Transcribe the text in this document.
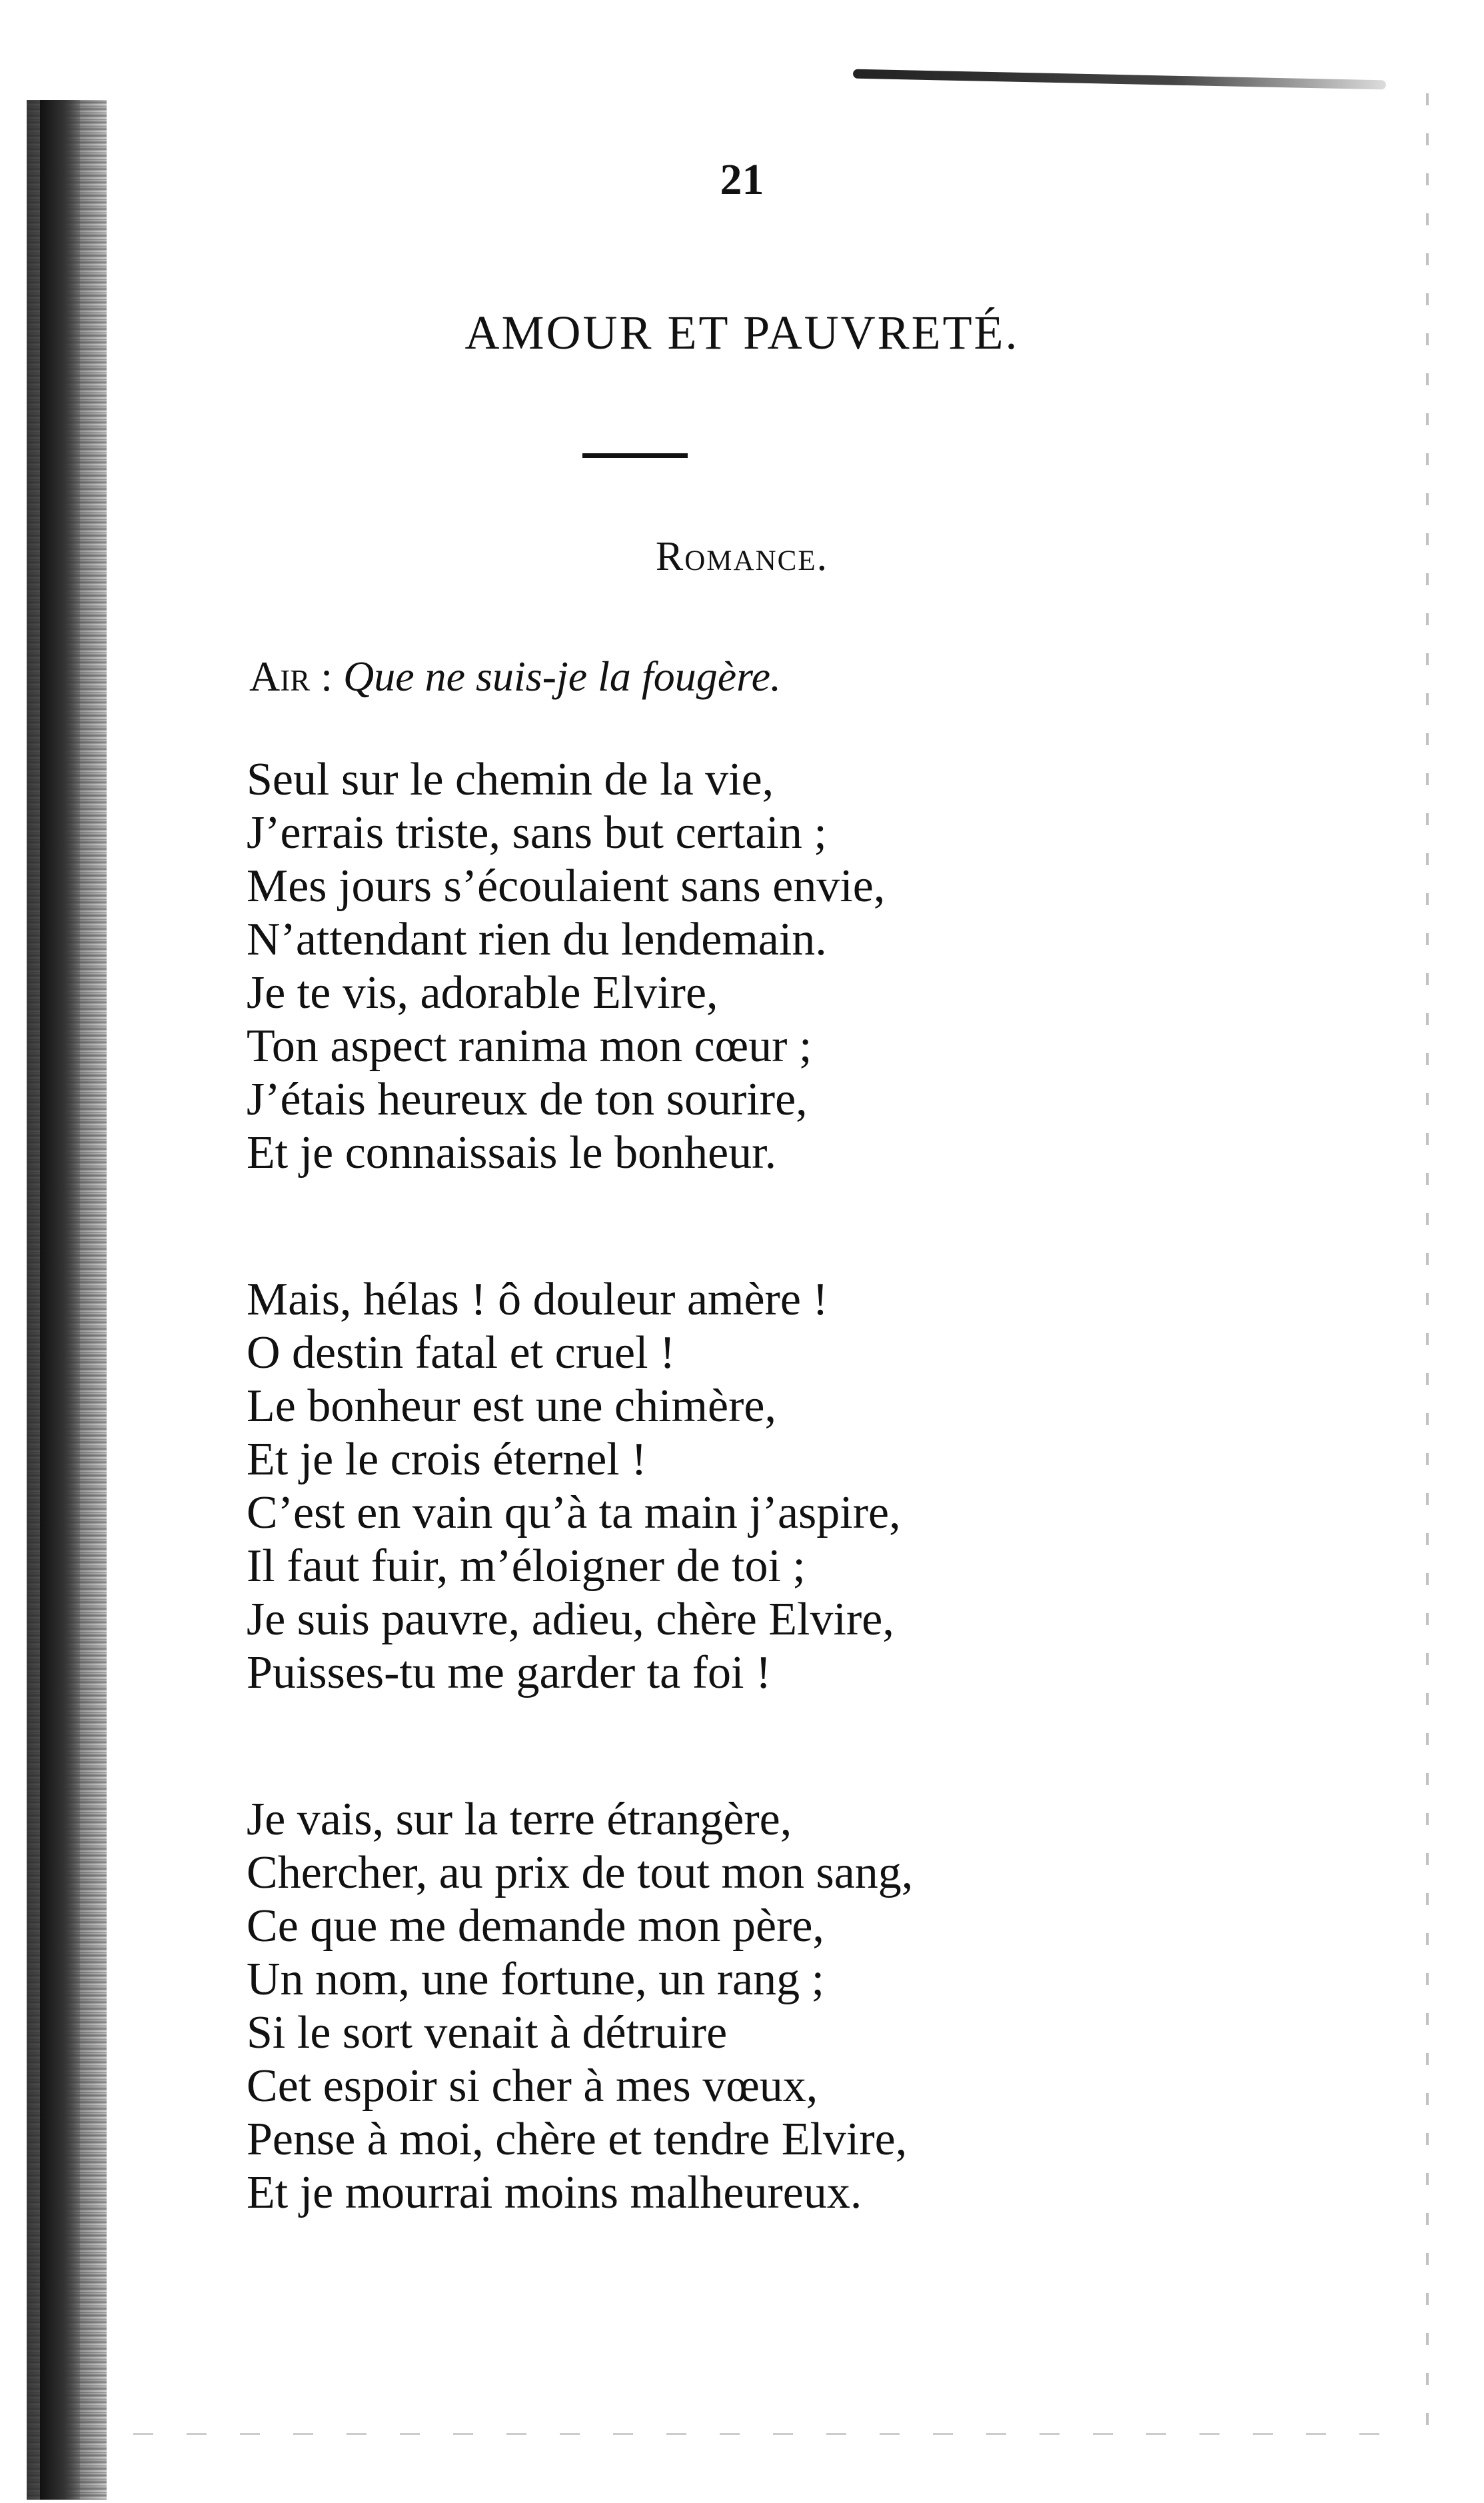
21
AMOUR ET PAUVRETÉ.
Romance.
Air : Que ne suis-je la fougère.
Seul sur le chemin de la vie,
J’errais triste, sans but certain ;
Mes jours s’écoulaient sans envie,
N’attendant rien du lendemain.
Je te vis, adorable Elvire,
Ton aspect ranima mon cœur ;
J’étais heureux de ton sourire,
Et je connaissais le bonheur.
Mais, hélas ! ô douleur amère !
O destin fatal et cruel !
Le bonheur est une chimère,
Et je le crois éternel !
C’est en vain qu’à ta main j’aspire,
Il faut fuir, m’éloigner de toi ;
Je suis pauvre, adieu, chère Elvire,
Puisses-tu me garder ta foi !
Je vais, sur la terre étrangère,
Chercher, au prix de tout mon sang,
Ce que me demande mon père,
Un nom, une fortune, un rang ;
Si le sort venait à détruire
Cet espoir si cher à mes vœux,
Pense à moi, chère et tendre Elvire,
Et je mourrai moins malheureux.
